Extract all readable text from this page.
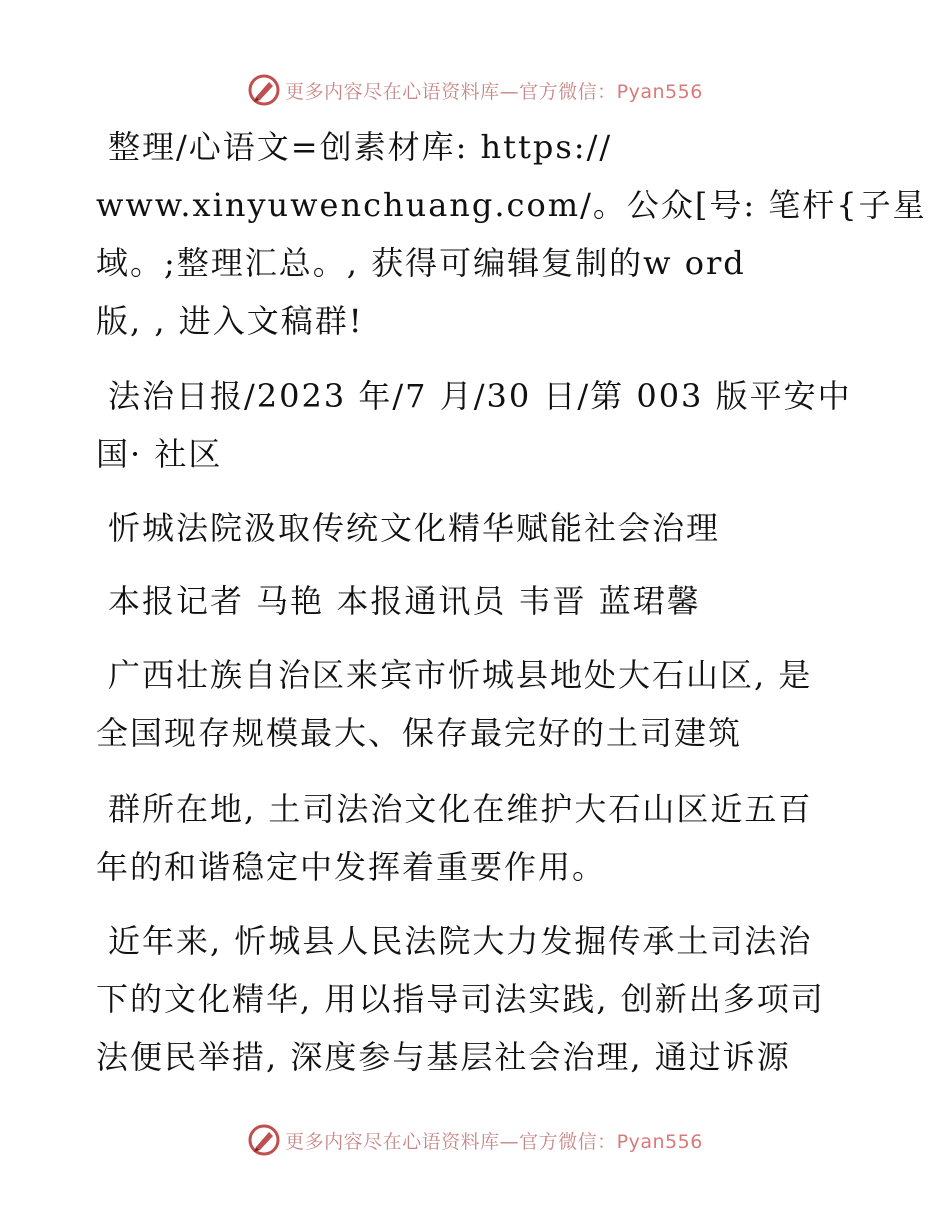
更多内容尽在心语资料库—官方微信：Pyan556
整理/心语文=创素材库: https://
www.xinyuwenchuang.com/。公众[号: 笔杆{子星
域。;整理汇总。, 获得可编辑复制的w ord
版, , 进入文稿群!
法治日报/2023 年/7 月/30 日/第 003 版平安中
国· 社区
忻城法院汲取传统文化精华赋能社会治理
本报记者 马艳 本报通讯员 韦晋 蓝珺馨
广西壮族自治区来宾市忻城县地处大石山区, 是
全国现存规模最大、保存最完好的土司建筑
群所在地, 土司法治文化在维护大石山区近五百
年的和谐稳定中发挥着重要作用。
近年来, 忻城县人民法院大力发掘传承土司法治
下的文化精华, 用以指导司法实践, 创新出多项司
法便民举措, 深度参与基层社会治理, 通过诉源
更多内容尽在心语资料库—官方微信：Pyan556
